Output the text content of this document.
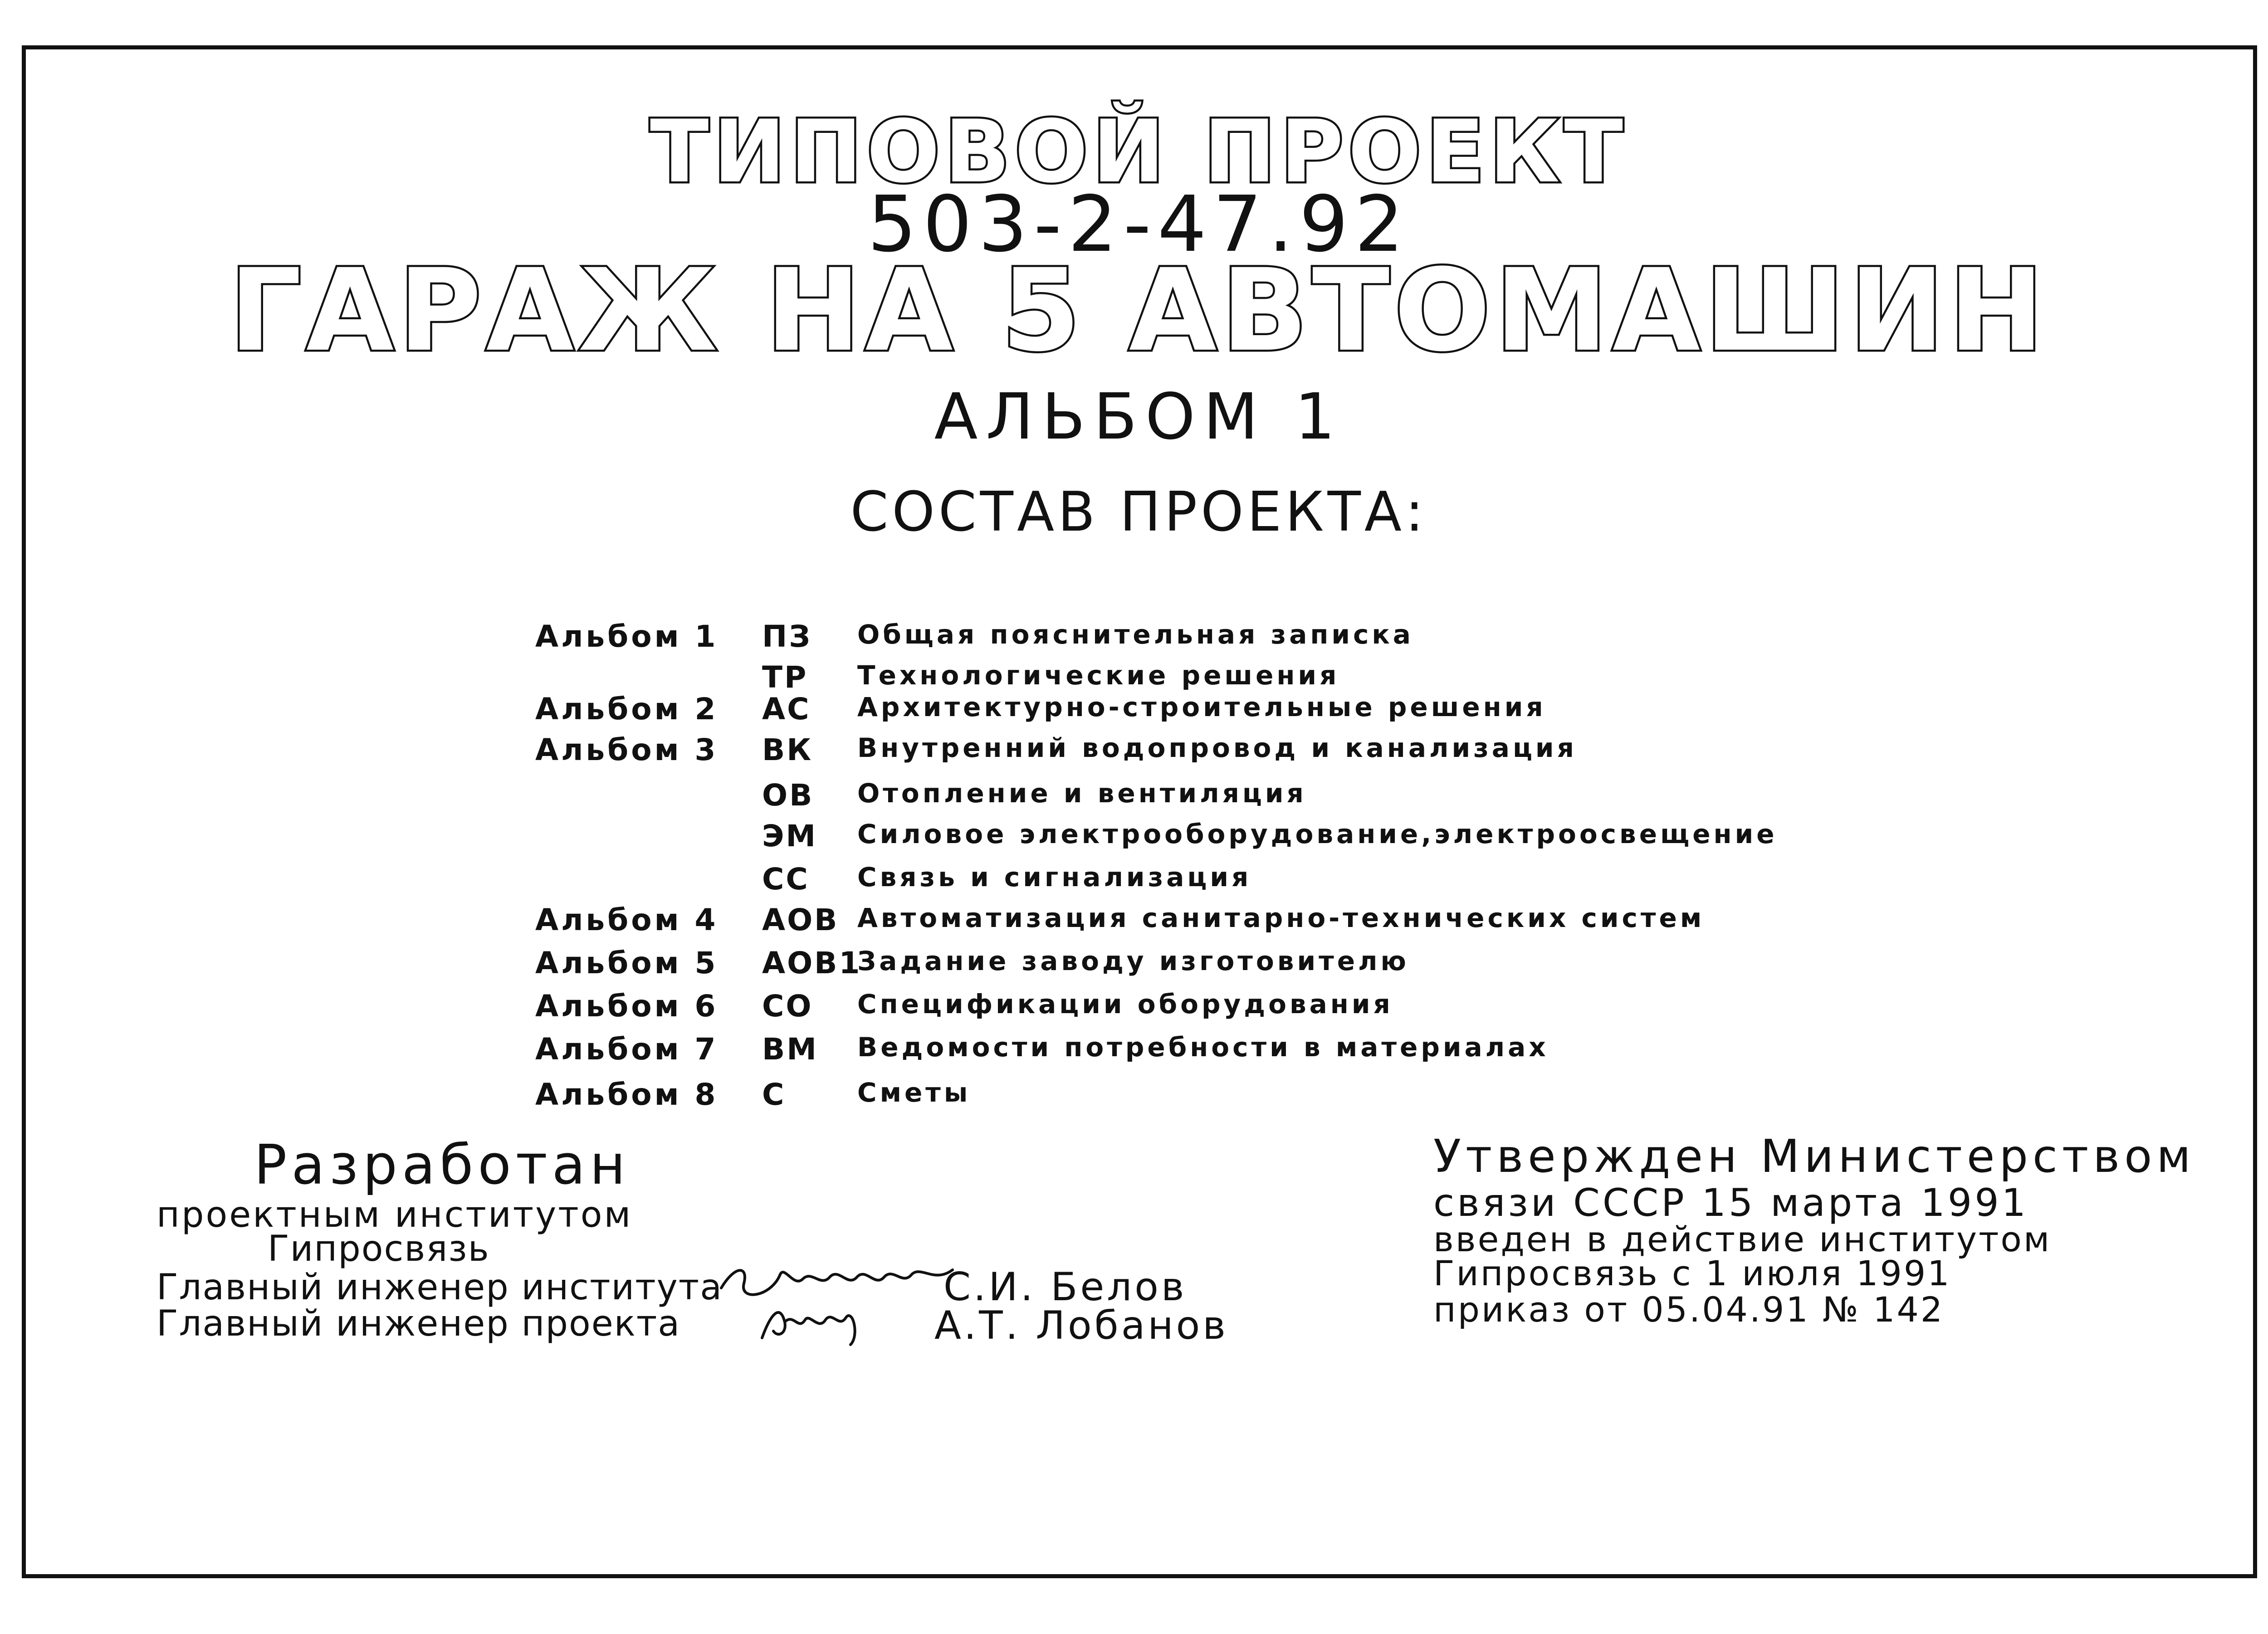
ТИПОВОЙ ПРОЕКТ
503-2-47.92
ГАРАЖ НА 5 АВТОМАШИН
АЛЬБОМ 1
СОСТАВ ПРОЕКТА:
Альбом 1 ПЗ Общая пояснительная записка
ТР Технологические решения
Альбом 2 АС Архитектурно-строительные решения
Альбом 3 ВК Внутренний водопровод и канализация
ОВ Отопление и вентиляция
ЭМ Силовое электрооборудование,электроосвещение
СС Связь и сигнализация
Альбом 4 АОВ Автоматизация санитарно-технических систем
Альбом 5 АОВ1
Задание заводу изготовителю
Альбом 6 СО Спецификации оборудования
Альбом 7 ВМ Ведомости потребности в материалах
Альбом 8 С	Сметы
Разработан
проектным институтом
Гипросвязь
Главный инженер института
Главный инженер проекта
С.И. Белов
А.Т. Лобанов
Утвержден Министерством
связи СССР 15 марта 1991
введен в действие институтом
Гипросвязь с 1 июля 1991
приказ от 05.04.91 № 142
